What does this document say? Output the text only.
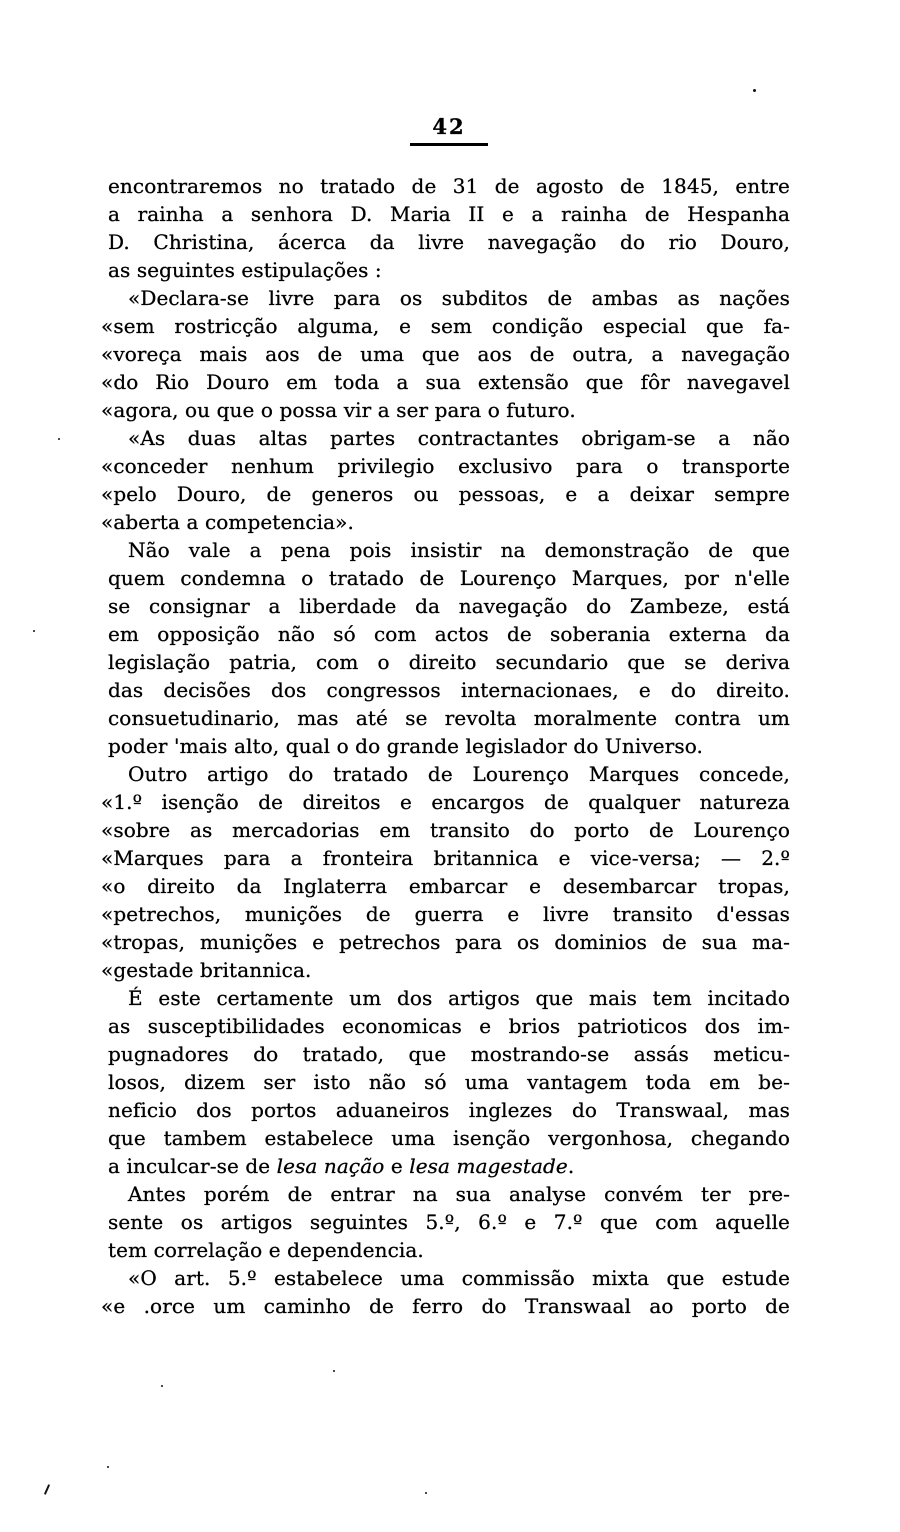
42
encontraremos no tratado de 31 de agosto de 1845, entre
a rainha a senhora D. Maria II e a rainha de Hespanha
D. Christina, ácerca da livre navegação do rio Douro,
as seguintes estipulações :
«Declara-se livre para os subditos de ambas as nações
«sem rostricção alguma, e sem condição especial que fa-
«voreça mais aos de uma que aos de outra, a navegação
«do Rio Douro em toda a sua extensão que fôr navegavel
«agora, ou que o possa vir a ser para o futuro.
«As duas altas partes contractantes obrigam-se a não
«conceder nenhum privilegio exclusivo para o transporte
«pelo Douro, de generos ou pessoas, e a deixar sempre
«aberta a competencia».
Não vale a pena pois insistir na demonstração de que
quem condemna o tratado de Lourenço Marques, por n'elle
se consignar a liberdade da navegação do Zambeze, está
em opposição não só com actos de soberania externa da
legislação patria, com o direito secundario que se deriva
das decisões dos congressos internacionaes, e do direito.
consuetudinario, mas até se revolta moralmente contra um
poder 'mais alto, qual o do grande legislador do Universo.
Outro artigo do tratado de Lourenço Marques concede,
«1.º isenção de direitos e encargos de qualquer natureza
«sobre as mercadorias em transito do porto de Lourenço
«Marques para a fronteira britannica e vice-versa; — 2.º
«o direito da Inglaterra embarcar e desembarcar tropas,
«petrechos, munições de guerra e livre transito d'essas
«tropas, munições e petrechos para os dominios de sua ma-
«gestade britannica.
É este certamente um dos artigos que mais tem incitado
as susceptibilidades economicas e brios patrioticos dos im-
pugnadores do tratado, que mostrando-se assás meticu-
losos, dizem ser isto não só uma vantagem toda em be-
neficio dos portos aduaneiros inglezes do Transwaal, mas
que tambem estabelece uma isenção vergonhosa, chegando
a inculcar-se de lesa nação e lesa magestade.
Antes porém de entrar na sua analyse convém ter pre-
sente os artigos seguintes 5.º, 6.º e 7.º que com aquelle
tem correlação e dependencia.
«O art. 5.º estabelece uma commissão mixta que estude
«e .orce um caminho de ferro do Transwaal ao porto de
